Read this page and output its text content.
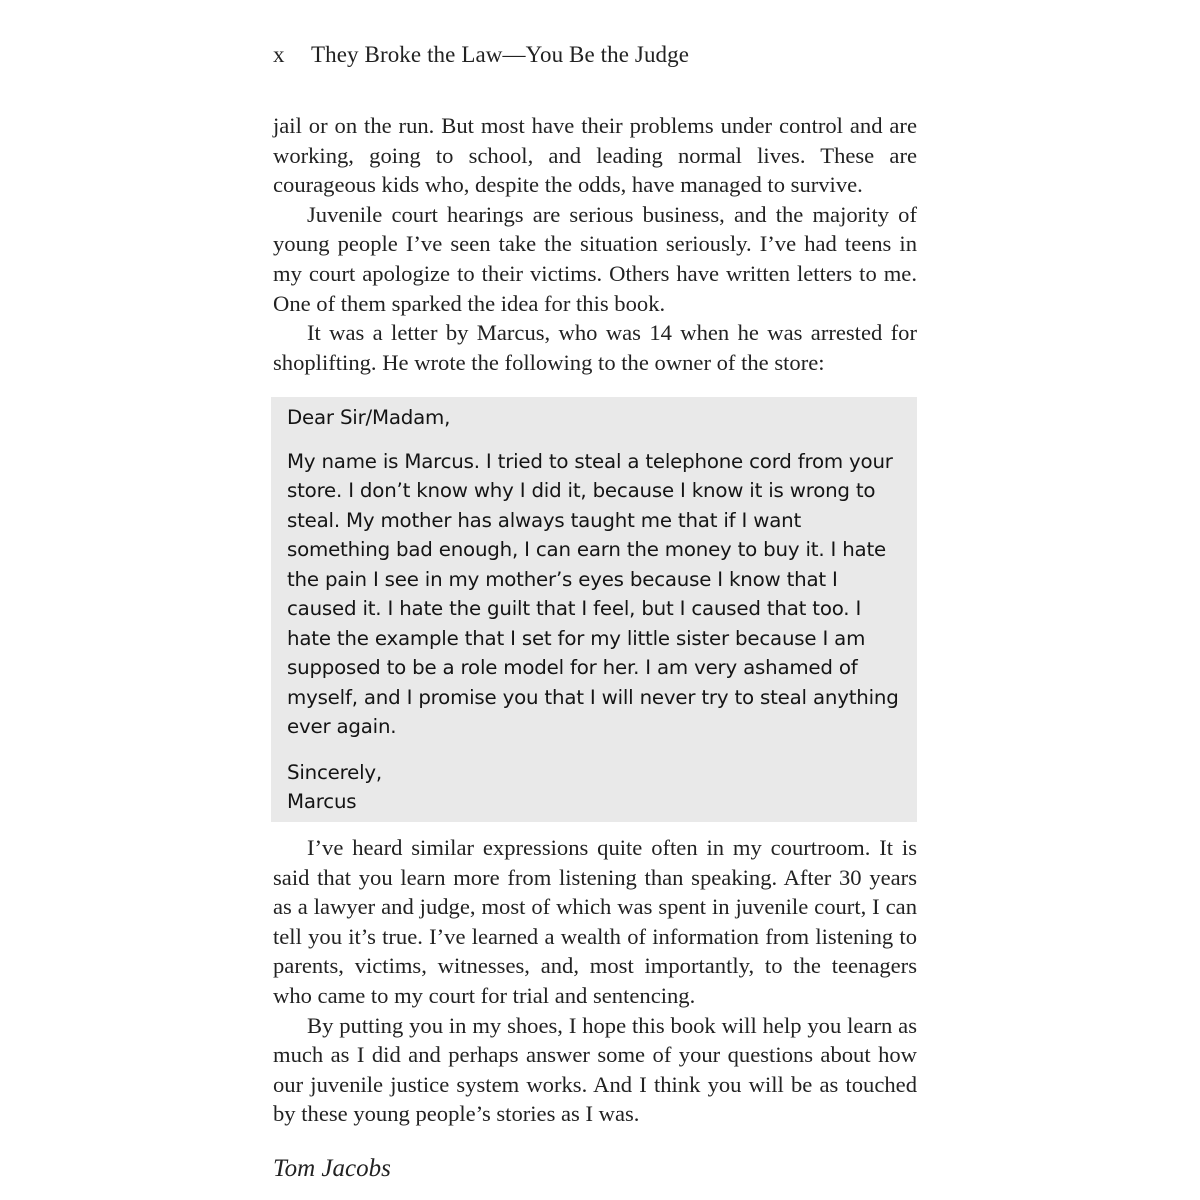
x They Broke the Law—You Be the Judge

jail or on the run. But most have their problems under control and are working, going to school, and leading normal lives. These are courageous kids who, despite the odds, have managed to survive.

Juvenile court hearings are serious business, and the majority of young people I’ve seen take the situation seriously. I’ve had teens in my court apologize to their victims. Others have written letters to me. One of them sparked the idea for this book.

It was a letter by Marcus, who was 14 when he was arrested for shoplifting. He wrote the following to the owner of the store:

Dear Sir/Madam,

My name is Marcus. I tried to steal a telephone cord from your store. I don’t know why I did it, because I know it is wrong to steal. My mother has always taught me that if I want something bad enough, I can earn the money to buy it. I hate the pain I see in my mother’s eyes because I know that I caused it. I hate the guilt that I feel, but I caused that too. I hate the example that I set for my little sister because I am supposed to be a role model for her. I am very ashamed of myself, and I promise you that I will never try to steal anything ever again.

Sincerely,

Marcus

I’ve heard similar expressions quite often in my courtroom. It is said that you learn more from listening than speaking. After 30 years as a lawyer and judge, most of which was spent in juvenile court, I can tell you it’s true. I’ve learned a wealth of information from listening to parents, victims, witnesses, and, most importantly, to the teenagers who came to my court for trial and sentencing.

By putting you in my shoes, I hope this book will help you learn as much as I did and perhaps answer some of your questions about how our juvenile justice system works. And I think you will be as touched by these young people’s stories as I was.

Tom Jacobs
